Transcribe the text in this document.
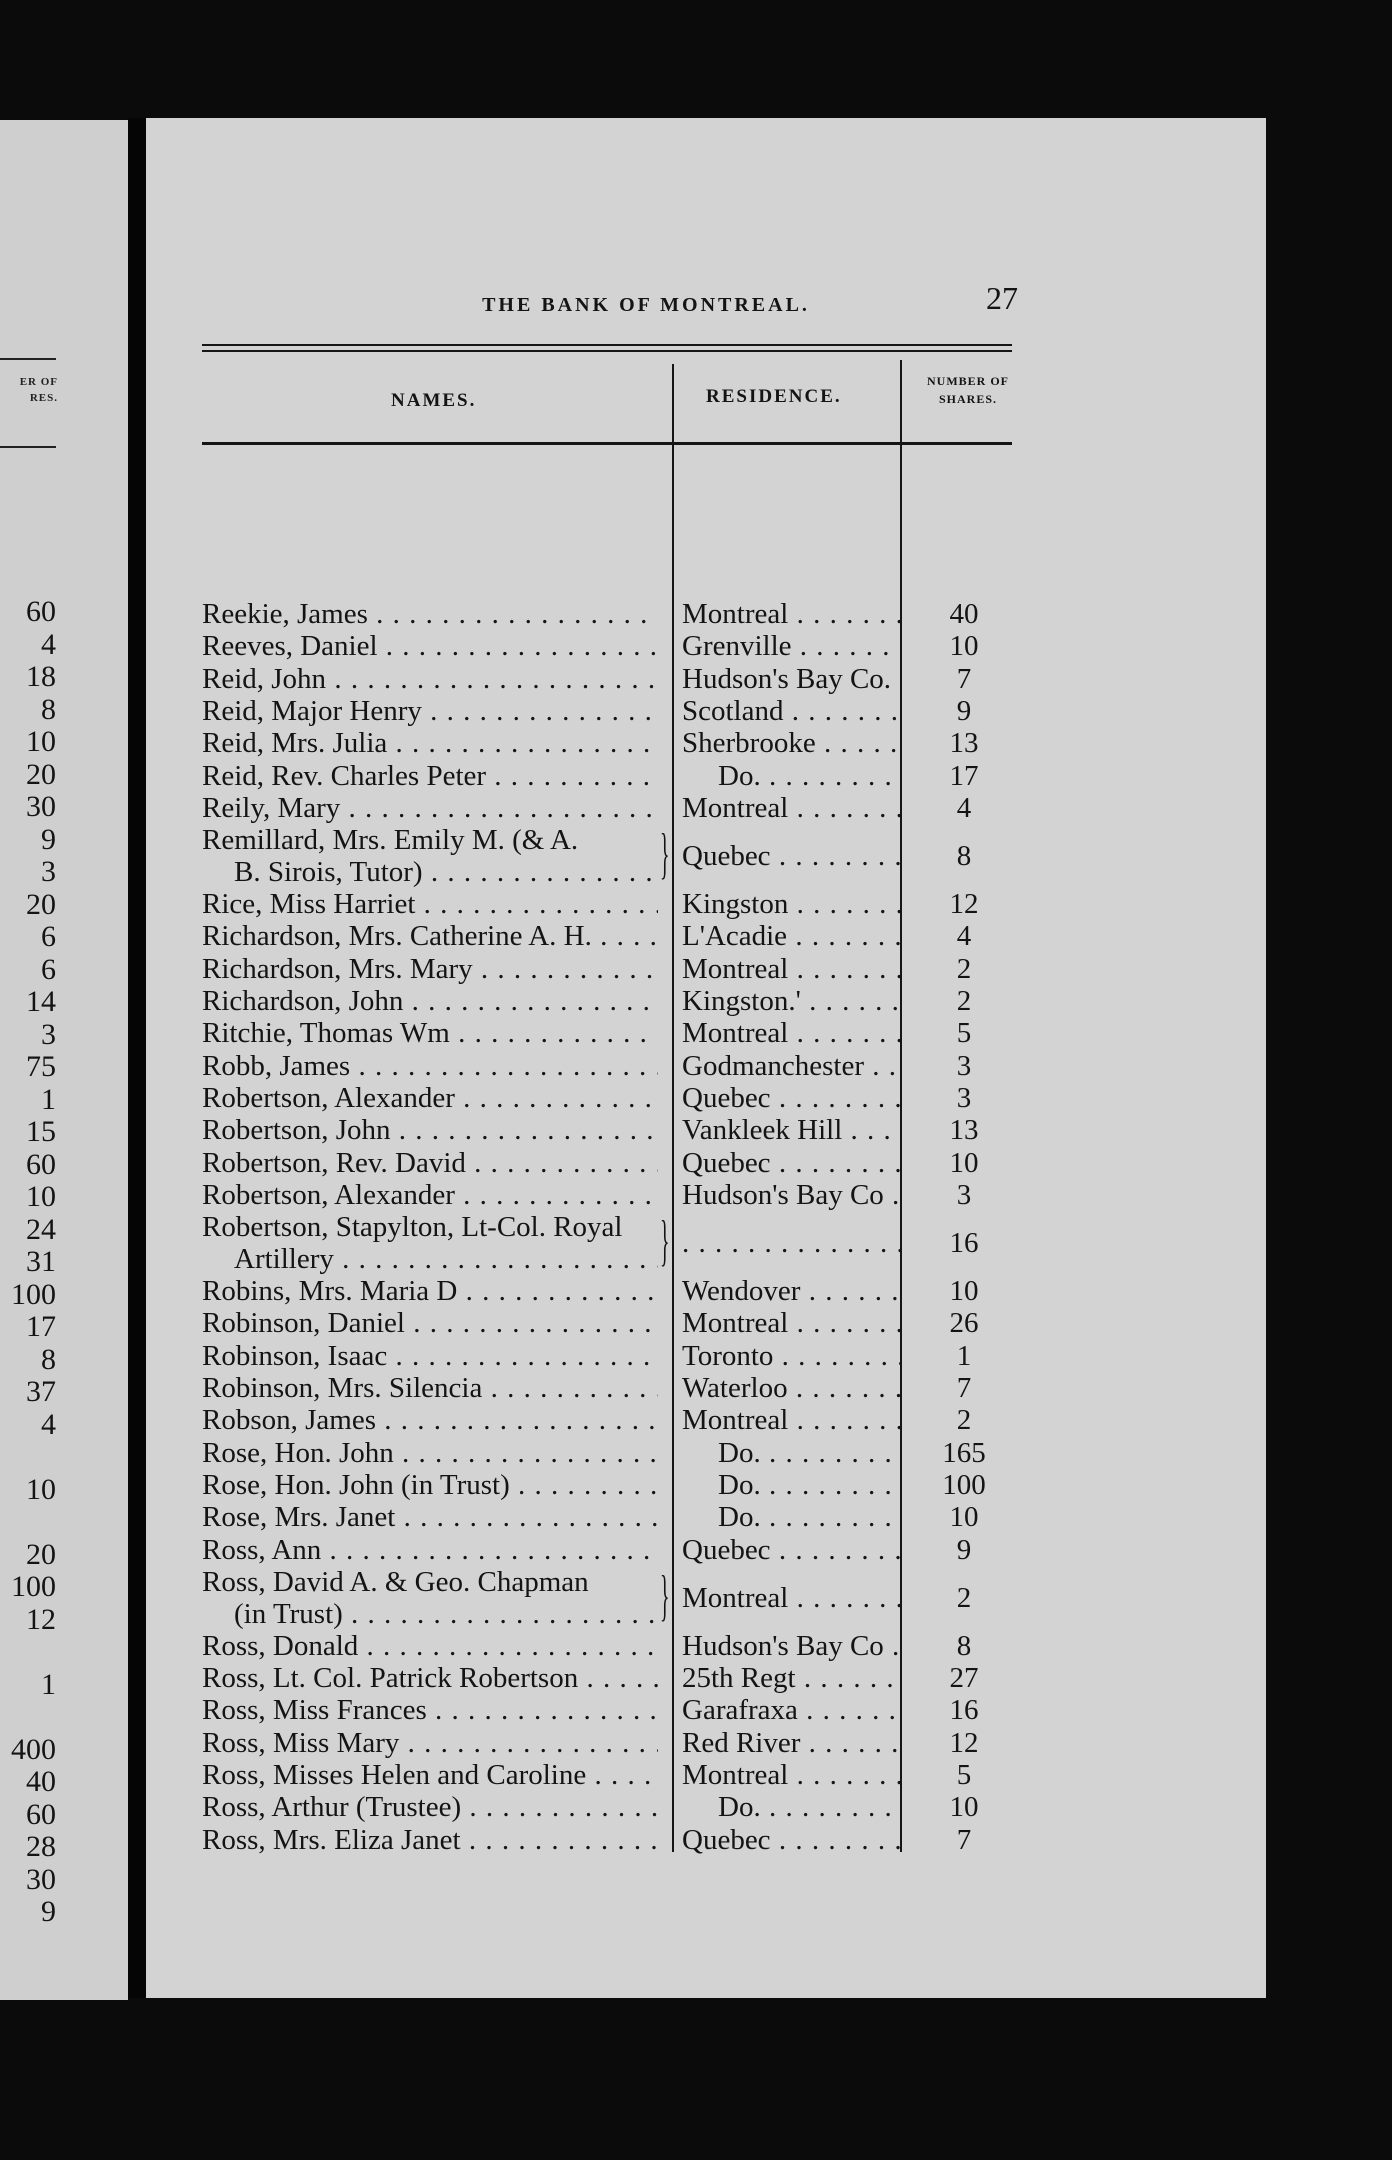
ER OF
RES.
60
4
18
8
10
20
30
9
3
20
6
6
14
3
75
1
15
60
10
24
31
100
17
8
37
4
10
20
100
12
1
400
40
60
28
30
9
THE BANK OF MONTREAL.	27
NAMES.	RESIDENCE.
NUMBER OF
SHARES.
Reekie, James . . .	Montreal . . .	40
Reeves, Daniel . . .	Grenville . . .	10
Reid, John . . .	Hudson's Bay Co. . . .	7
Reid, Major Henry . . .	Scotland . . .	9
Reid, Mrs. Julia . . .	Sherbrooke . . .	13
Reid, Rev. Charles Peter . . .	Do. . . .	17
Reily, Mary . . .	Montreal . . .	4
}
Remillard, Mrs. Emily M. (& A.
B. Sirois, Tutor) . . .	Quebec . . .	8
Rice, Miss Harriet . . .	Kingston . . .	12
Richardson, Mrs. Catherine A. H. . . .	L'Acadie . . .	4
Richardson, Mrs. Mary . . .	Montreal . . .	2
Richardson, John . . .	Kingston.' . . .	2
Ritchie, Thomas Wm . . .	Montreal . . .	5
Robb, James . . .	Godmanchester . . .	3
Robertson, Alexander . . .	Quebec . . .	3
Robertson, John . . .	Vankleek Hill . . .	13
Robertson, Rev. David . . .	Quebec . . .	10
Robertson, Alexander . . .	Hudson's Bay Co . . .	3
}
Robertson, Stapylton, Lt-Col. Royal
Artillery . . . . . .	16
Robins, Mrs. Maria D . . .	Wendover . . .	10
Robinson, Daniel . . .	Montreal . . .	26
Robinson, Isaac . . .	Toronto . . .	1
Robinson, Mrs. Silencia . . .	Waterloo . . .	7
Robson, James . . .	Montreal . . .	2
Rose, Hon. John . . .	Do. . . .	165
Rose, Hon. John (in Trust) . . .	Do. . . .	100
Rose, Mrs. Janet . . .	Do. . . .	10
Ross, Ann . . .	Quebec . . .	9
}
Ross, David A. & Geo. Chapman
(in Trust) . . .	Montreal . . .	2
Ross, Donald . . .	Hudson's Bay Co . . .	8
Ross, Lt. Col. Patrick Robertson . . .	25th Regt . . .	27
Ross, Miss Frances . . .	Garafraxa . . .	16
Ross, Miss Mary . . .	Red River . . .	12
Ross, Misses Helen and Caroline . . .	Montreal . . .	5
Ross, Arthur (Trustee) . . .	Do. . . .	10
Ross, Mrs. Eliza Janet . . .	Quebec . . .	7
